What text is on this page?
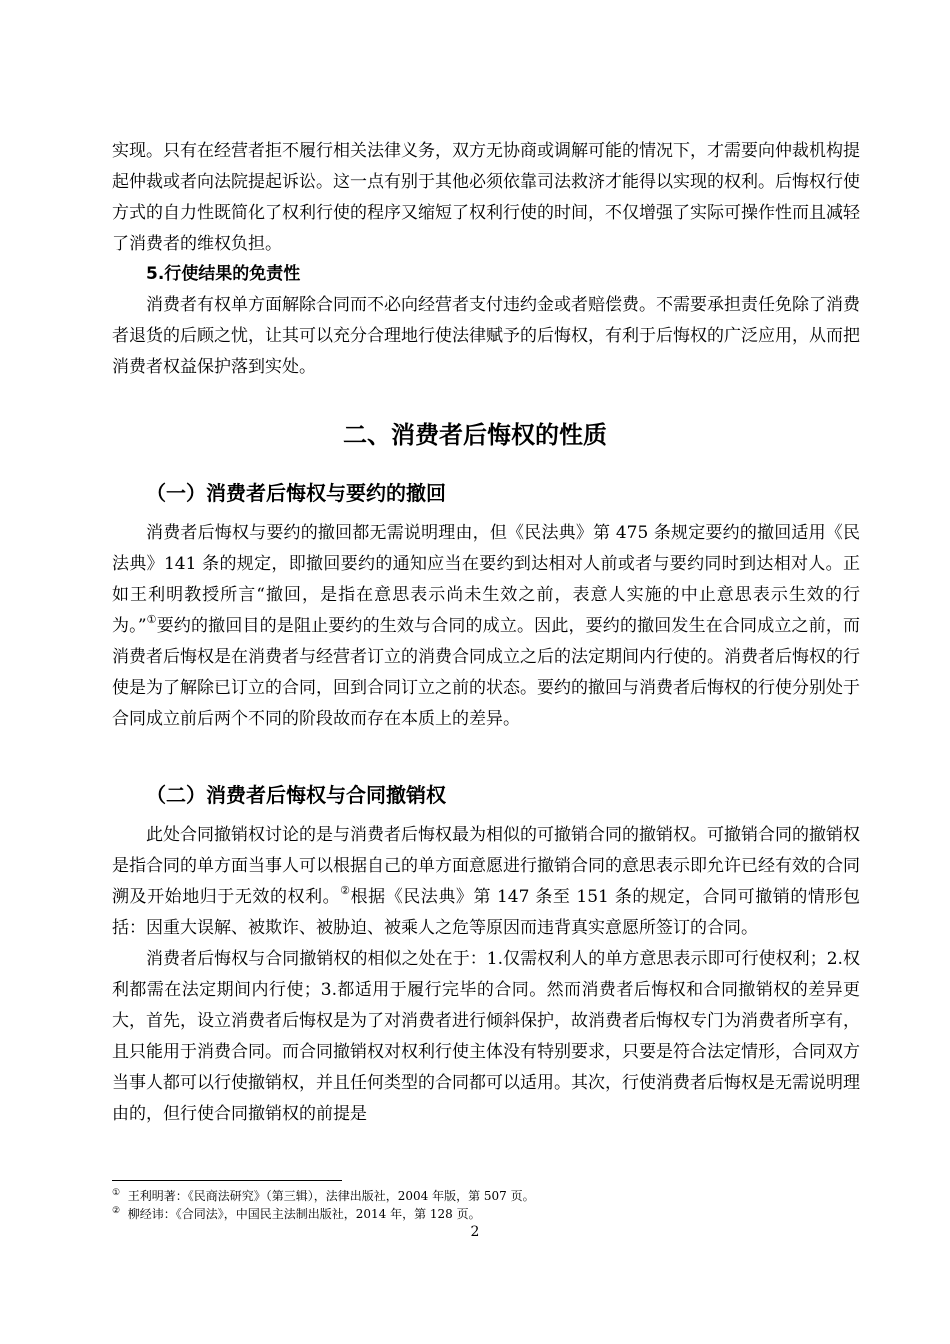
实现。只有在经营者拒不履行相关法律义务，双方无协商或调解可能的情况下，才需要向仲裁机构提起仲裁或者向法院提起诉讼。这一点有别于其他必须依靠司法救济才能得以实现的权利。后悔权行使方式的自力性既简化了权利行使的程序又缩短了权利行使的时间，不仅增强了实际可操作性而且减轻了消费者的维权负担。

5.行使结果的免责性

消费者有权单方面解除合同而不必向经营者支付违约金或者赔偿费。不需要承担责任免除了消费者退货的后顾之忧，让其可以充分合理地行使法律赋予的后悔权，有利于后悔权的广泛应用，从而把消费者权益保护落到实处。

二、消费者后悔权的性质
（一）消费者后悔权与要约的撤回

消费者后悔权与要约的撤回都无需说明理由，但《民法典》第 475 条规定要约的撤回适用《民法典》141 条的规定，即撤回要约的通知应当在要约到达相对人前或者与要约同时到达相对人。正如王利明教授所言“撤回，是指在意思表示尚未生效之前，表意人实施的中止意思表示生效的行为。”①要约的撤回目的是阻止要约的生效与合同的成立。因此，要约的撤回发生在合同成立之前，而消费者后悔权是在消费者与经营者订立的消费合同成立之后的法定期间内行使的。消费者后悔权的行使是为了解除已订立的合同，回到合同订立之前的状态。要约的撤回与消费者后悔权的行使分别处于合同成立前后两个不同的阶段故而存在本质上的差异。

（二）消费者后悔权与合同撤销权

此处合同撤销权讨论的是与消费者后悔权最为相似的可撤销合同的撤销权。可撤销合同的撤销权是指合同的单方面当事人可以根据自己的单方面意愿进行撤销合同的意思表示即允许已经有效的合同溯及开始地归于无效的权利。②根据《民法典》第 147 条至 151 条的规定，合同可撤销的情形包括：因重大误解、被欺诈、被胁迫、被乘人之危等原因而违背真实意愿所签订的合同。

消费者后悔权与合同撤销权的相似之处在于：1.仅需权利人的单方意思表示即可行使权利；2.权利都需在法定期间内行使；3.都适用于履行完毕的合同。然而消费者后悔权和合同撤销权的差异更大，首先，设立消费者后悔权是为了对消费者进行倾斜保护，故消费者后悔权专门为消费者所享有，且只能用于消费合同。而合同撤销权对权利行使主体没有特别要求，只要是符合法定情形，合同双方当事人都可以行使撤销权，并且任何类型的合同都可以适用。其次，行使消费者后悔权是无需说明理由的，但行使合同撤销权的前提是

① 王利明著：《民商法研究》（第三辑），法律出版社，2004 年版，第 507 页。
② 柳经讳：《合同法》，中国民主法制出版社，2014 年，第 128 页。
2
